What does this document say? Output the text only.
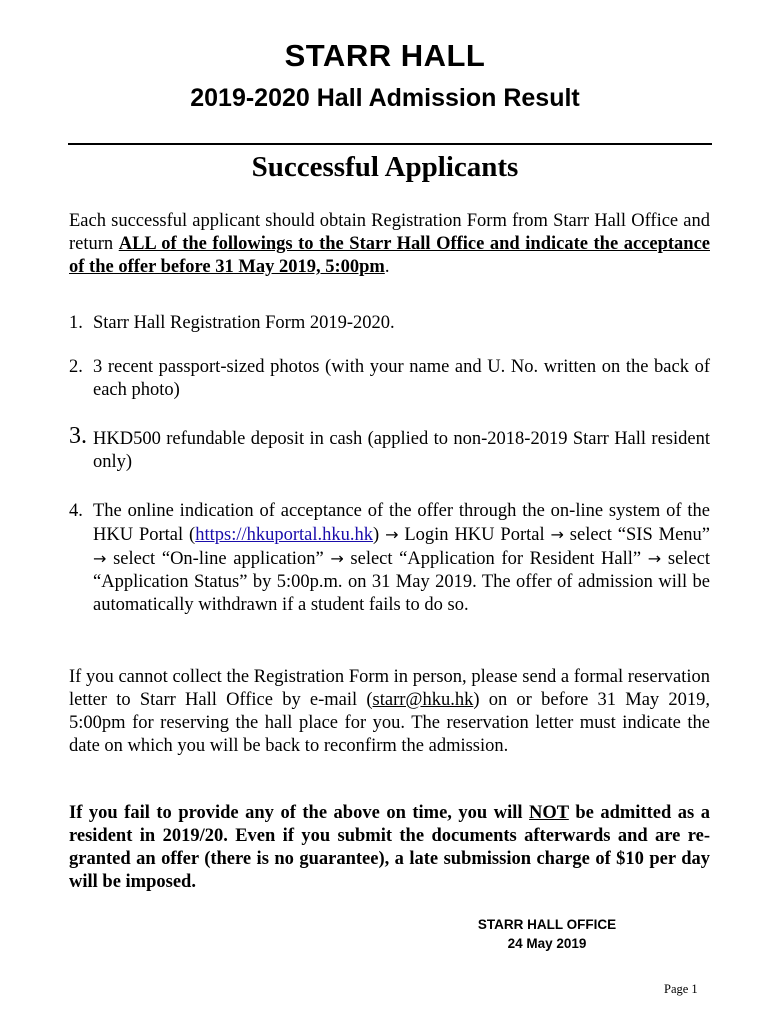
STARR HALL
2019-2020 Hall Admission Result
Successful Applicants
Each successful applicant should obtain Registration Form from Starr Hall Office and return ALL of the followings to the Starr Hall Office and indicate the acceptance of the offer before 31 May 2019, 5:00pm.
1. Starr Hall Registration Form 2019-2020.
2. 3 recent passport-sized photos (with your name and U. No. written on the back of each photo)
3. HKD500 refundable deposit in cash (applied to non-2018-2019 Starr Hall resident only)
4. The online indication of acceptance of the offer through the on-line system of the HKU Portal (https://hkuportal.hku.hk) → Login HKU Portal → select “SIS Menu” → select “On-line application” → select “Application for Resident Hall” → select “Application Status” by 5:00p.m. on 31 May 2019. The offer of admission will be automatically withdrawn if a student fails to do so.
If you cannot collect the Registration Form in person, please send a formal reservation letter to Starr Hall Office by e-mail (starr@hku.hk) on or before 31 May 2019, 5:00pm for reserving the hall place for you. The reservation letter must indicate the date on which you will be back to reconfirm the admission.
If you fail to provide any of the above on time, you will NOT be admitted as a resident in 2019/20. Even if you submit the documents afterwards and are re-granted an offer (there is no guarantee), a late submission charge of $10 per day will be imposed.
STARR HALL OFFICE
24 May 2019
Page 1
